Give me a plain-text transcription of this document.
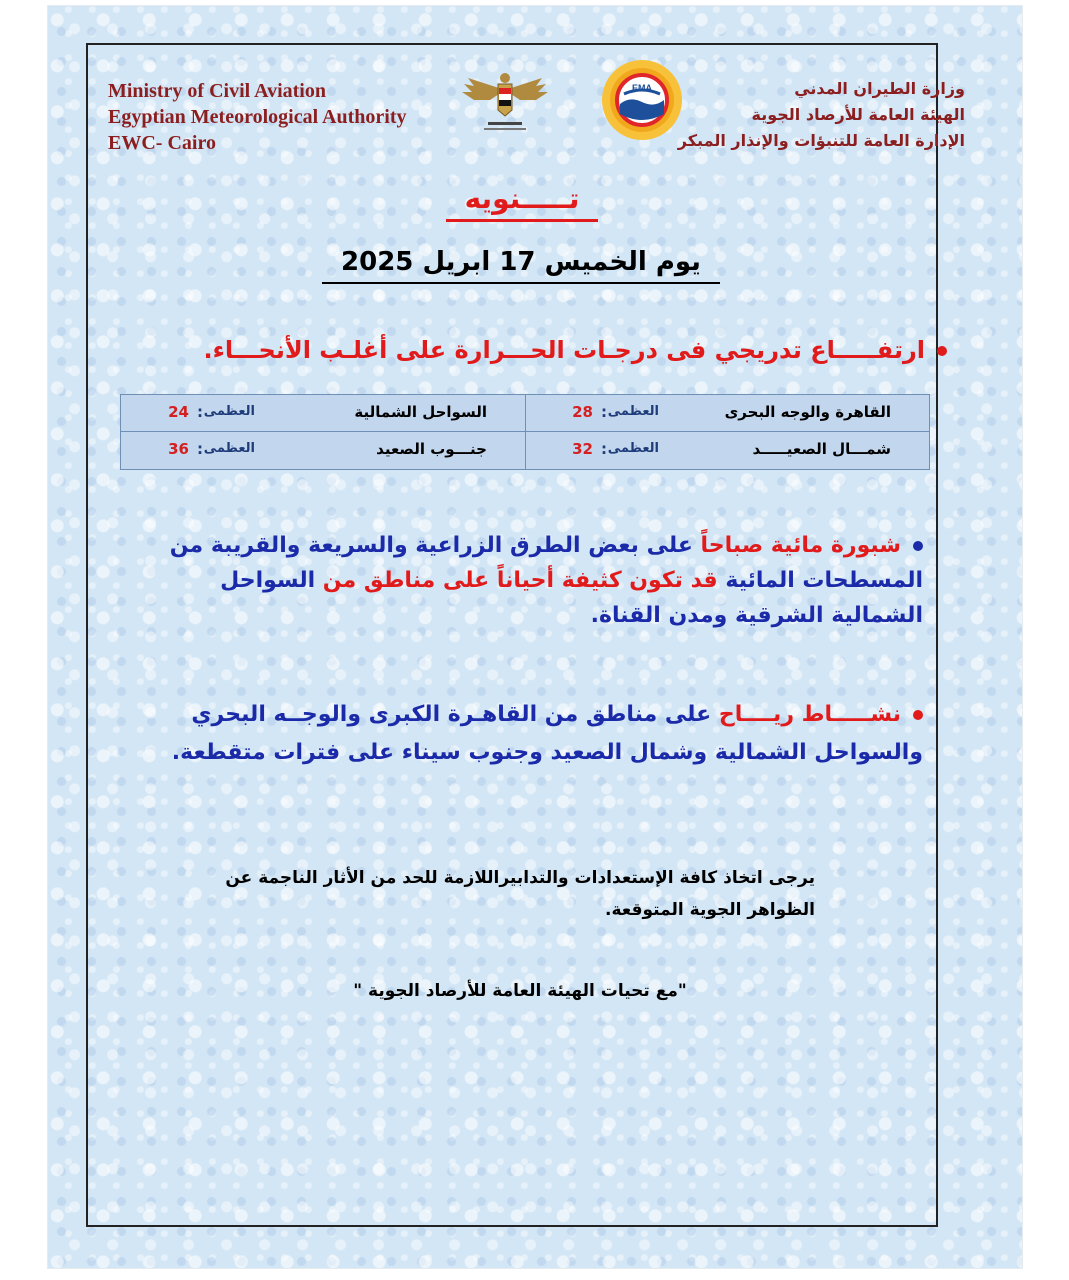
Ministry of Civil Aviation
Egyptian Meteorological Authority
EWC- Cairo
EMA	وزارة الطيران المدني
الهيئة العامة للأرصاد الجوية
الإدارة العامة للتنبؤات والإنذار المبكر
تـــــنويه
يوم الخميس 17 ابريل 2025
ارتفـــــاع تدريجي فى درجـات الحـــرارة على أغلـب الأنحـــاء.
القاهرة والوجه البحرى
العظمى
:
28
السواحل الشمالية
العظمى
:
24
شمـــال الصعيـــــد
العظمى
:
32
جنـــوب الصعيد
العظمى
:
36
شبورة مائية صباحاً على بعض الطرق الزراعية والسريعة والقريبة من المسطحات المائية قد تكون كثيفة أحياناً على مناطق من السواحل الشمالية الشرقية ومدن القناة.
نشـــــاط ريــــاح على مناطق من القاهـرة الكبرى والوجــه البحري والسواحل الشمالية وشمال الصعيد وجنوب سيناء على فترات متقطعة.
يرجى اتخاذ كافة الإستعدادات والتدابيراللازمة للحد من الأثار الناجمة عن الظواهر الجوية المتوقعة.
"مع تحيات الهيئة العامة للأرصاد الجوية "
